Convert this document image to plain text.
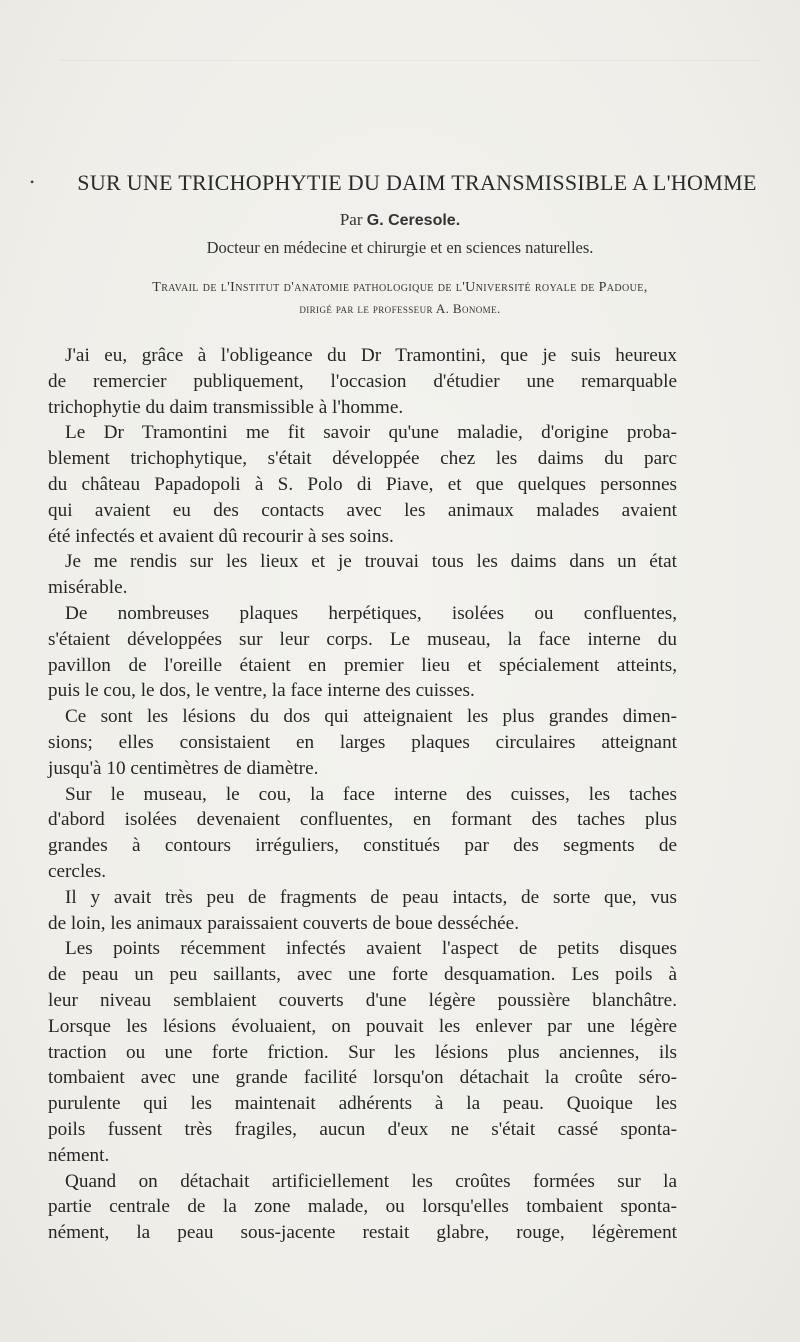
•	SUR UNE TRICHOPHYTIE DU DAIM TRANSMISSIBLE A L'HOMME
Par G. Ceresole.
Docteur en médecine et chirurgie et en sciences naturelles.
Travail de l'Institut d'anatomie pathologique de l'Université royale de Padoue,
dirigé par le professeur A. Bonome.
J'ai eu, grâce à l'obligeance du Dr Tramontini, que je suis heureux
de remercier publiquement, l'occasion d'étudier une remarquable
trichophytie du daim transmissible à l'homme.
Le Dr Tramontini me fit savoir qu'une maladie, d'origine proba-
blement trichophytique, s'était développée chez les daims du parc
du château Papadopoli à S. Polo di Piave, et que quelques personnes
qui avaient eu des contacts avec les animaux malades avaient
été infectés et avaient dû recourir à ses soins.
Je me rendis sur les lieux et je trouvai tous les daims dans un état
misérable.
De nombreuses plaques herpétiques, isolées ou confluentes,
s'étaient développées sur leur corps. Le museau, la face interne du
pavillon de l'oreille étaient en premier lieu et spécialement atteints,
puis le cou, le dos, le ventre, la face interne des cuisses.
Ce sont les lésions du dos qui atteignaient les plus grandes dimen-
sions; elles consistaient en larges plaques circulaires atteignant
jusqu'à 10 centimètres de diamètre.
Sur le museau, le cou, la face interne des cuisses, les taches
d'abord isolées devenaient confluentes, en formant des taches plus
grandes à contours irréguliers, constitués par des segments de
cercles.
Il y avait très peu de fragments de peau intacts, de sorte que, vus
de loin, les animaux paraissaient couverts de boue desséchée.
Les points récemment infectés avaient l'aspect de petits disques
de peau un peu saillants, avec une forte desquamation. Les poils à
leur niveau semblaient couverts d'une légère poussière blanchâtre.
Lorsque les lésions évoluaient, on pouvait les enlever par une légère
traction ou une forte friction. Sur les lésions plus anciennes, ils
tombaient avec une grande facilité lorsqu'on détachait la croûte séro-
purulente qui les maintenait adhérents à la peau. Quoique les
poils fussent très fragiles, aucun d'eux ne s'était cassé sponta-
nément.
Quand on détachait artificiellement les croûtes formées sur la
partie centrale de la zone malade, ou lorsqu'elles tombaient sponta-
nément, la peau sous-jacente restait glabre, rouge, légèrement
